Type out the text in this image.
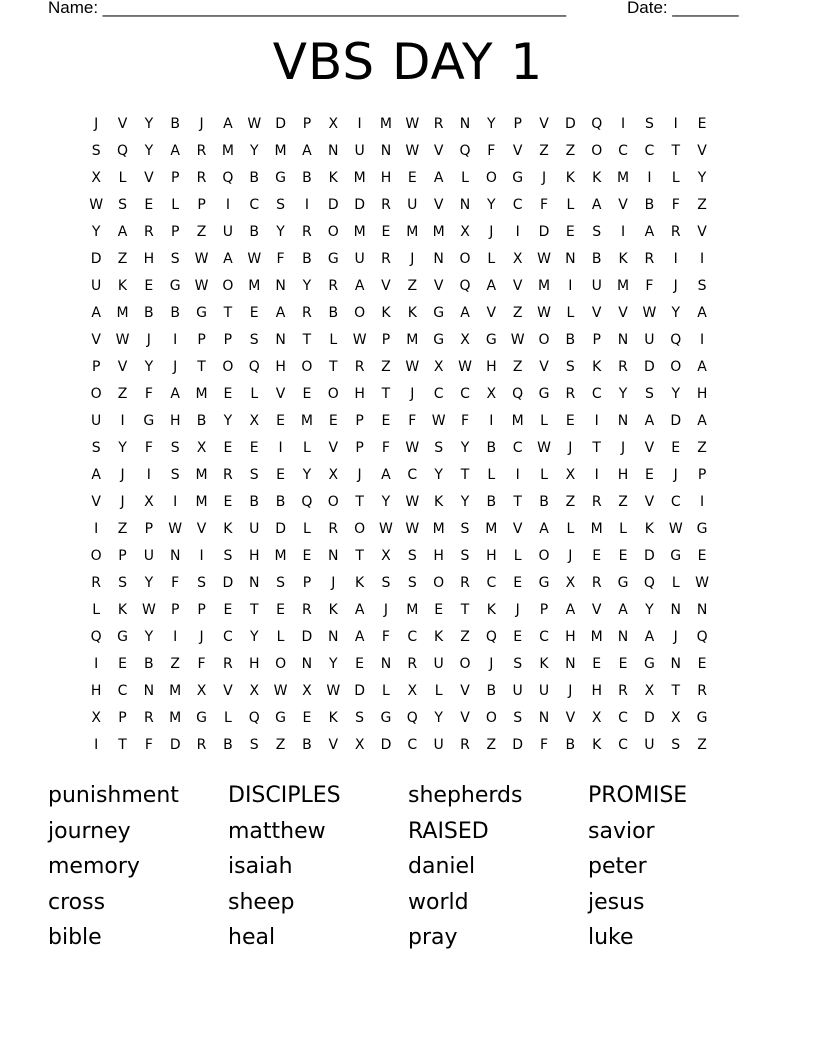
Name: _________________________________________________	Date: _______
VBS DAY 1
J	V	Y	B	J	A	W	D	P	X	I	M W	R	N	Y	P	V	D	Q	I	S	I	E
S	Q	Y	A	R	M	Y	M	A	N	U	N	W	V	Q	F	V	Z	Z	O	C	C	T	V
X	L	V	P	R	Q	B	G	B	K	M	H	E	A	L	O	G	J	K	K	M	I	L	Y
W	S	E	L	P	I	C	S	I	D	D	R	U	V	N	Y	C	F	L	A	V	B	F	Z
Y	A	R	P	Z	U	B	Y	R	O	M	E	M	M	X	J	I	D	E	S	I	A	R	V
D	Z	H	S	W	A	W	F	B	G	U	R	J	N	O	L	X	W	N	B	K	R	I	I
U	K	E	G	W O	M	N	Y	R	A	V	Z	V	Q	A	V	M	I	U	M	F	J	S
A	M	B	B	G	T	E	A	R	B	O	K	K	G	A	V	Z	W	L	V	V	W	Y	A
V	W	J	I	P	P	S	N	T	L	W	P	M	G	X	G	W O	B	P	N	U	Q	I
P	V	Y	J	T	O	Q	H	O	T	R	Z	W	X	W	H	Z	V	S	K	R	D	O	A
O	Z	F	A	M	E	L	V	E	O	H	T	J	C	C	X	Q	G	R	C	Y	S	Y	H
U	I	G	H	B	Y	X	E	M	E	P	E	F	W	F	I	M	L	E	I	N	A	D	A
S	Y	F	S	X	E	E	I	L	V	P	F	W	S	Y	B	C	W	J	T	J	V	E	Z
A	J	I	S	M	R	S	E	Y	X	J	A	C	Y	T	L	I	L	X	I	H	E	J	P
V	J	X	I	M	E	B	B	Q	O	T	Y	W	K	Y	B	T	B	Z	R	Z	V	C	I
I	Z	P	W	V	K	U	D	L	R	O W W M	S	M	V	A	L	M	L	K	W G
O	P	U	N	I	S	H	M	E	N	T	X	S	H	S	H	L	O	J	E	E	D	G	E
R	S	Y	F	S	D	N	S	P	J	K	S	S	O	R	C	E	G	X	R	G	Q	L	W
L	K	W	P	P	E	T	E	R	K	A	J	M	E	T	K	J	P	A	V	A	Y	N	N
Q	G	Y	I	J	C	Y	L	D	N	A	F	C	K	Z	Q	E	C	H	M	N	A	J	Q
I	E	B	Z	F	R	H	O	N	Y	E	N	R	U	O	J	S	K	N	E	E	G	N	E
H	C	N	M	X	V	X	W	X	W	D	L	X	L	V	B	U	U	J	H	R	X	T	R
X	P	R	M	G	L	Q	G	E	K	S	G	Q	Y	V	O	S	N	V	X	C	D	X	G
I	T	F	D	R	B	S	Z	B	V	X	D	C	U	R	Z	D	F	B	K	C	U	S	Z
punishment	DISCIPLES	shepherds	PROMISE
journey	matthew	RAISED	savior
memory	isaiah	daniel	peter
cross	sheep	world	jesus
bible	heal	pray	luke
